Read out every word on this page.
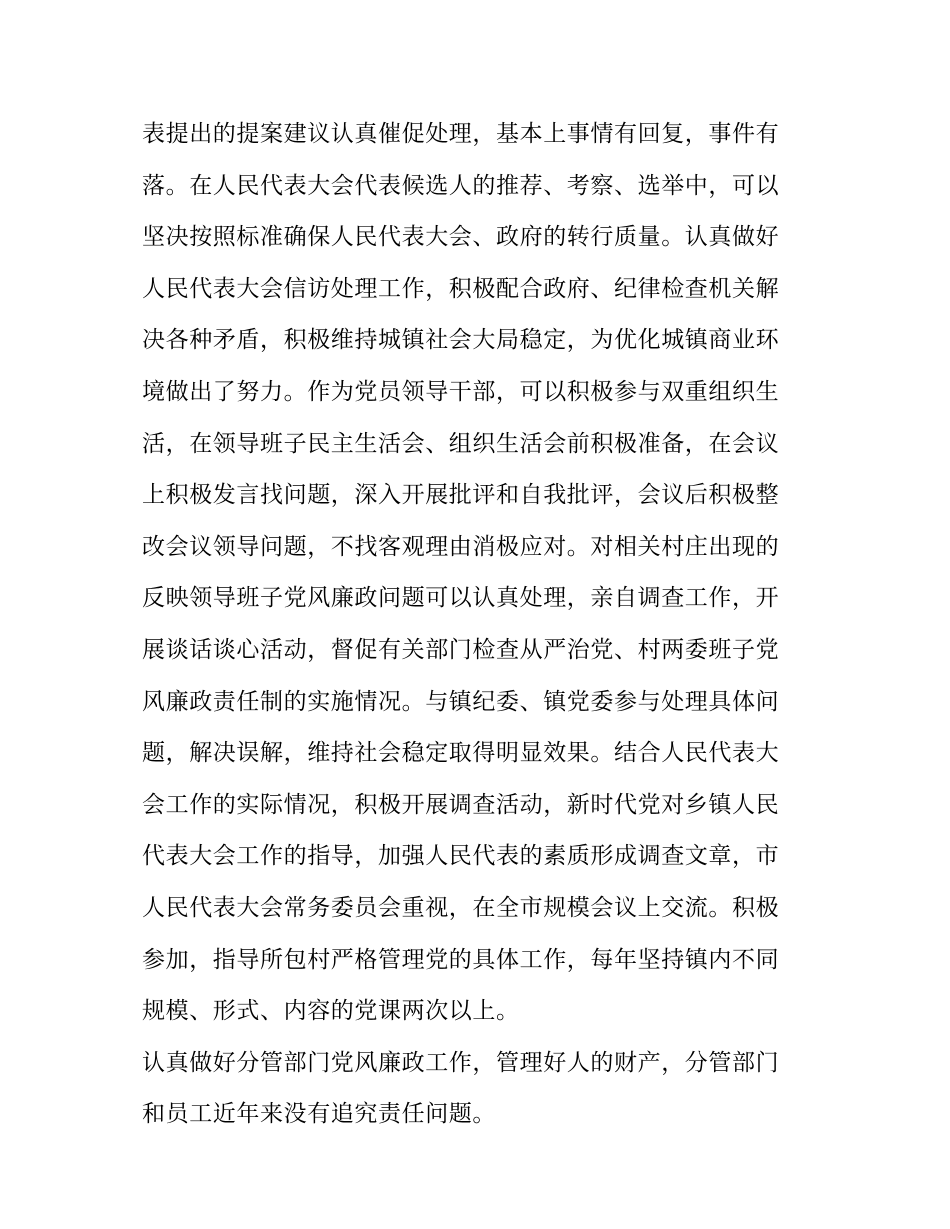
表提出的提案建议认真催促处理，基本上事情有回复，事件有
落。在人民代表大会代表候选人的推荐、考察、选举中，可以
坚决按照标准确保人民代表大会、政府的转行质量。认真做好
人民代表大会信访处理工作，积极配合政府、纪律检查机关解
决各种矛盾，积极维持城镇社会大局稳定，为优化城镇商业环
境做出了努力。作为党员领导干部，可以积极参与双重组织生
活，在领导班子民主生活会、组织生活会前积极准备，在会议
上积极发言找问题，深入开展批评和自我批评，会议后积极整
改会议领导问题，不找客观理由消极应对。对相关村庄出现的
反映领导班子党风廉政问题可以认真处理，亲自调查工作，开
展谈话谈心活动，督促有关部门检查从严治党、村两委班子党
风廉政责任制的实施情况。与镇纪委、镇党委参与处理具体问
题，解决误解，维持社会稳定取得明显效果。结合人民代表大
会工作的实际情况，积极开展调查活动，新时代党对乡镇人民
代表大会工作的指导，加强人民代表的素质形成调查文章，市
人民代表大会常务委员会重视，在全市规模会议上交流。积极
参加，指导所包村严格管理党的具体工作，每年坚持镇内不同
规模、形式、内容的党课两次以上。
认真做好分管部门党风廉政工作，管理好人的财产，分管部门
和员工近年来没有追究责任问题。
